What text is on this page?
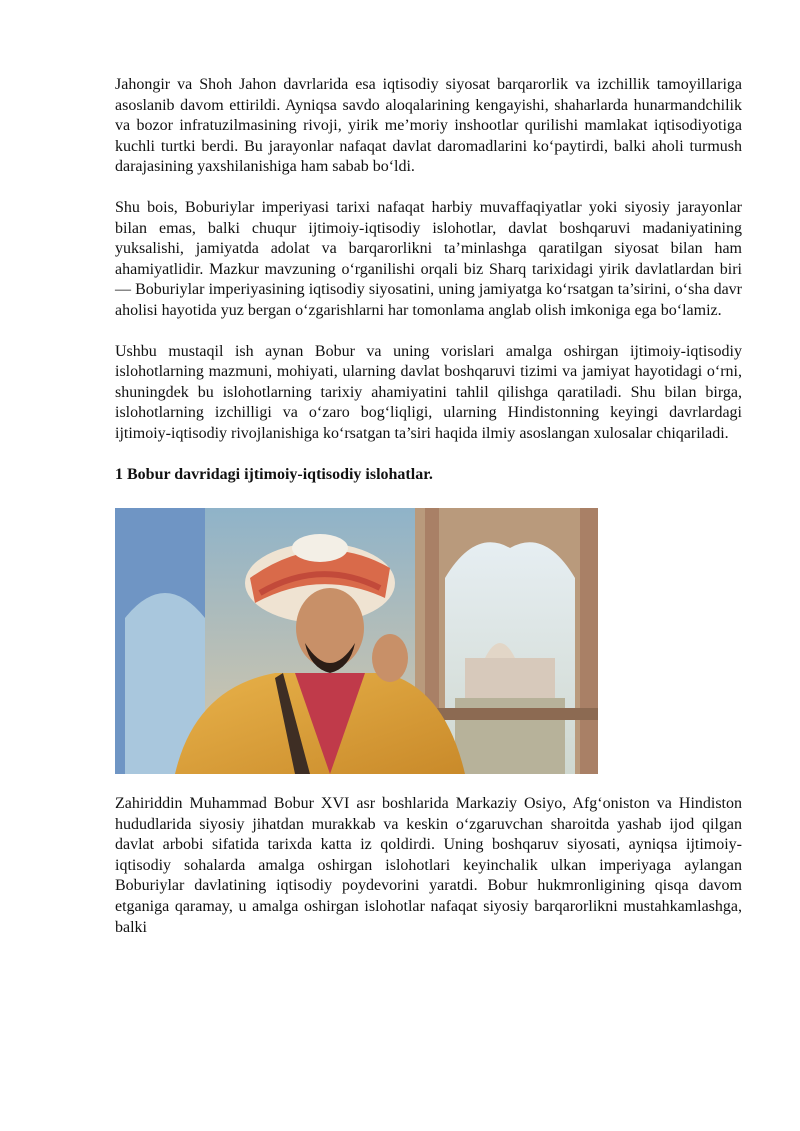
Jahongir va Shoh Jahon davrlarida esa iqtisodiy siyosat barqarorlik va izchillik tamoyillariga asoslanib davom ettirildi. Ayniqsa savdo aloqalarining kengayishi, shaharlarda hunarmandchilik va bozor infratuzilmasining rivoji, yirik me’moriy inshootlar qurilishi mamlakat iqtisodiyotiga kuchli turtki berdi. Bu jarayonlar nafaqat davlat daromadlarini ko‘paytirdi, balki aholi turmush darajasining yaxshilanishiga ham sabab bo‘ldi.

Shu bois, Boburiylar imperiyasi tarixi nafaqat harbiy muvaffaqiyatlar yoki siyosiy jarayonlar bilan emas, balki chuqur ijtimoiy-iqtisodiy islohotlar, davlat boshqaruvi madaniyatining yuksalishi, jamiyatda adolat va barqarorlikni ta’minlashga qaratilgan siyosat bilan ham ahamiyatlidir. Mazkur mavzuning o‘rganilishi orqali biz Sharq tarixidagi yirik davlatlardan biri — Boburiylar imperiyasining iqtisodiy siyosatini, uning jamiyatga ko‘rsatgan ta’sirini, o‘sha davr aholisi hayotida yuz bergan o‘zgarishlarni har tomonlama anglab olish imkoniga ega bo‘lamiz.

Ushbu mustaqil ish aynan Bobur va uning vorislari amalga oshirgan ijtimoiy-iqtisodiy islohotlarning mazmuni, mohiyati, ularning davlat boshqaruvi tizimi va jamiyat hayotidagi o‘rni, shuningdek bu islohotlarning tarixiy ahamiyatini tahlil qilishga qaratiladi. Shu bilan birga, islohotlarning izchilligi va o‘zaro bog‘liqligi, ularning Hindistonning keyingi davrlardagi ijtimoiy-iqtisodiy rivojlanishiga ko‘rsatgan ta’siri haqida ilmiy asoslangan xulosalar chiqariladi.

1 Bobur davridagi ijtimoiy-iqtisodiy islohatlar.

Zahiriddin Muhammad Bobur XVI asr boshlarida Markaziy Osiyo, Afg‘oniston va Hindiston hududlarida siyosiy jihatdan murakkab va keskin o‘zgaruvchan sharoitda yashab ijod qilgan davlat arbobi sifatida tarixda katta iz qoldirdi. Uning boshqaruv siyosati, ayniqsa ijtimoiy-iqtisodiy sohalarda amalga oshirgan islohotlari keyinchalik ulkan imperiyaga aylangan Boburiylar davlatining iqtisodiy poydevorini yaratdi. Bobur hukmronligining qisqa davom etganiga qaramay, u amalga oshirgan islohotlar nafaqat siyosiy barqarorlikni mustahkamlashga, balki
